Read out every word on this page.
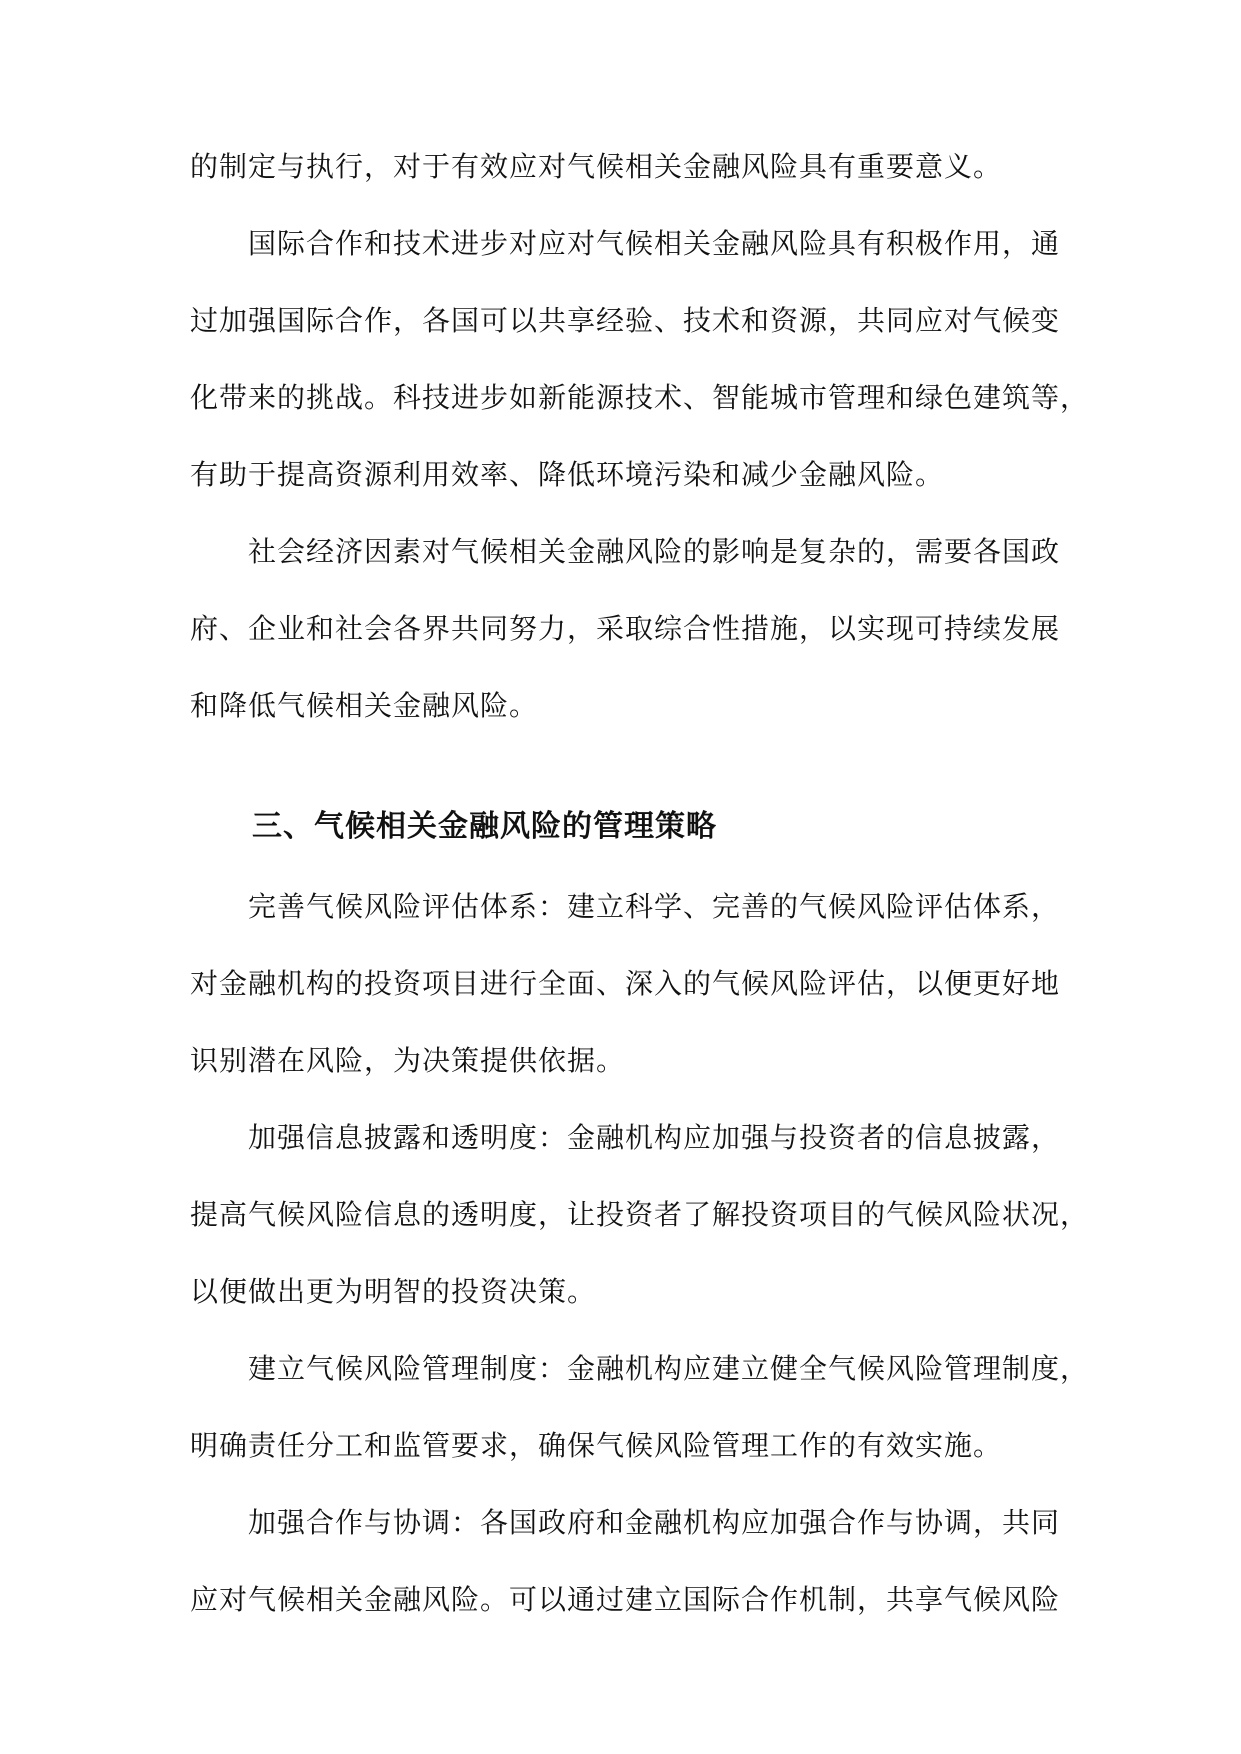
的制定与执行，对于有效应对气候相关金融风险具有重要意义。
国际合作和技术进步对应对气候相关金融风险具有积极作用，通
过加强国际合作，各国可以共享经验、技术和资源，共同应对气候变
化带来的挑战。科技进步如新能源技术、智能城市管理和绿色建筑等，
有助于提高资源利用效率、降低环境污染和减少金融风险。
社会经济因素对气候相关金融风险的影响是复杂的，需要各国政
府、企业和社会各界共同努力，采取综合性措施，以实现可持续发展
和降低气候相关金融风险。
三、气候相关金融风险的管理策略
完善气候风险评估体系：建立科学、完善的气候风险评估体系，
对金融机构的投资项目进行全面、深入的气候风险评估，以便更好地
识别潜在风险，为决策提供依据。
加强信息披露和透明度：金融机构应加强与投资者的信息披露，
提高气候风险信息的透明度，让投资者了解投资项目的气候风险状况，
以便做出更为明智的投资决策。
建立气候风险管理制度：金融机构应建立健全气候风险管理制度，
明确责任分工和监管要求，确保气候风险管理工作的有效实施。
加强合作与协调：各国政府和金融机构应加强合作与协调，共同
应对气候相关金融风险。可以通过建立国际合作机制，共享气候风险
